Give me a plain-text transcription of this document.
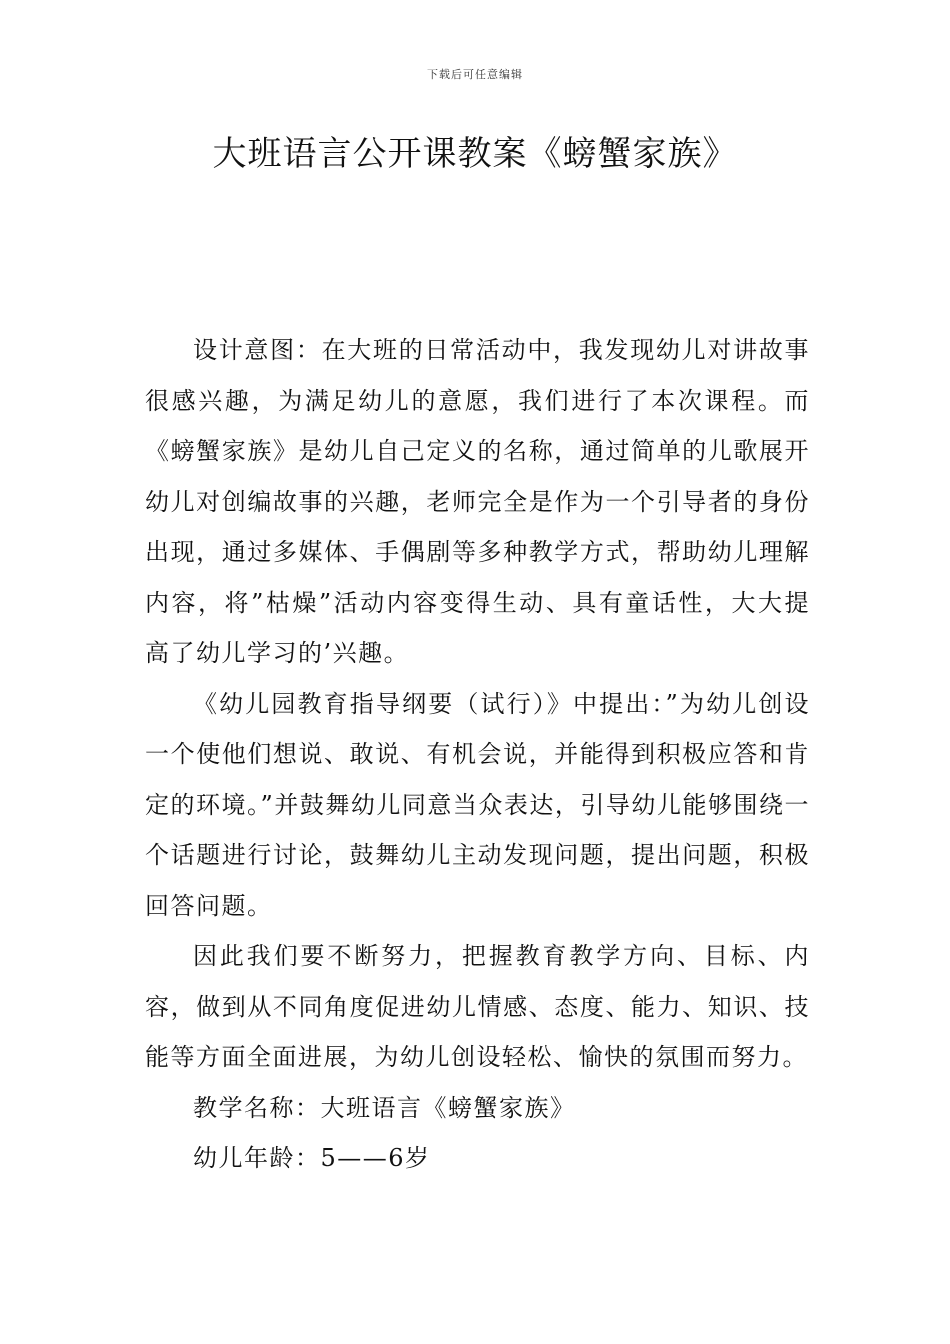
下载后可任意编辑
大班语言公开课教案《螃蟹家族》

设计意图：在大班的日常活动中，我发现幼儿对讲故事很感兴趣，为满足幼儿的意愿，我们进行了本次课程。而《螃蟹家族》是幼儿自己定义的名称，通过简单的儿歌展开幼儿对创编故事的兴趣，老师完全是作为一个引导者的身份出现，通过多媒体、手偶剧等多种教学方式，帮助幼儿理解内容，将”枯燥”活动内容变得生动、具有童话性，大大提高了幼儿学习的’兴趣。

《幼儿园教育指导纲要（试行）》中提出：”为幼儿创设一个使他们想说、敢说、有机会说，并能得到积极应答和肯定的环境。”并鼓舞幼儿同意当众表达，引导幼儿能够围绕一个话题进行讨论，鼓舞幼儿主动发现问题，提出问题，积极回答问题。

因此我们要不断努力，把握教育教学方向、目标、内容，做到从不同角度促进幼儿情感、态度、能力、知识、技能等方面全面进展，为幼儿创设轻松、愉快的氛围而努力。

教学名称：大班语言《螃蟹家族》

幼儿年龄：5——6岁
